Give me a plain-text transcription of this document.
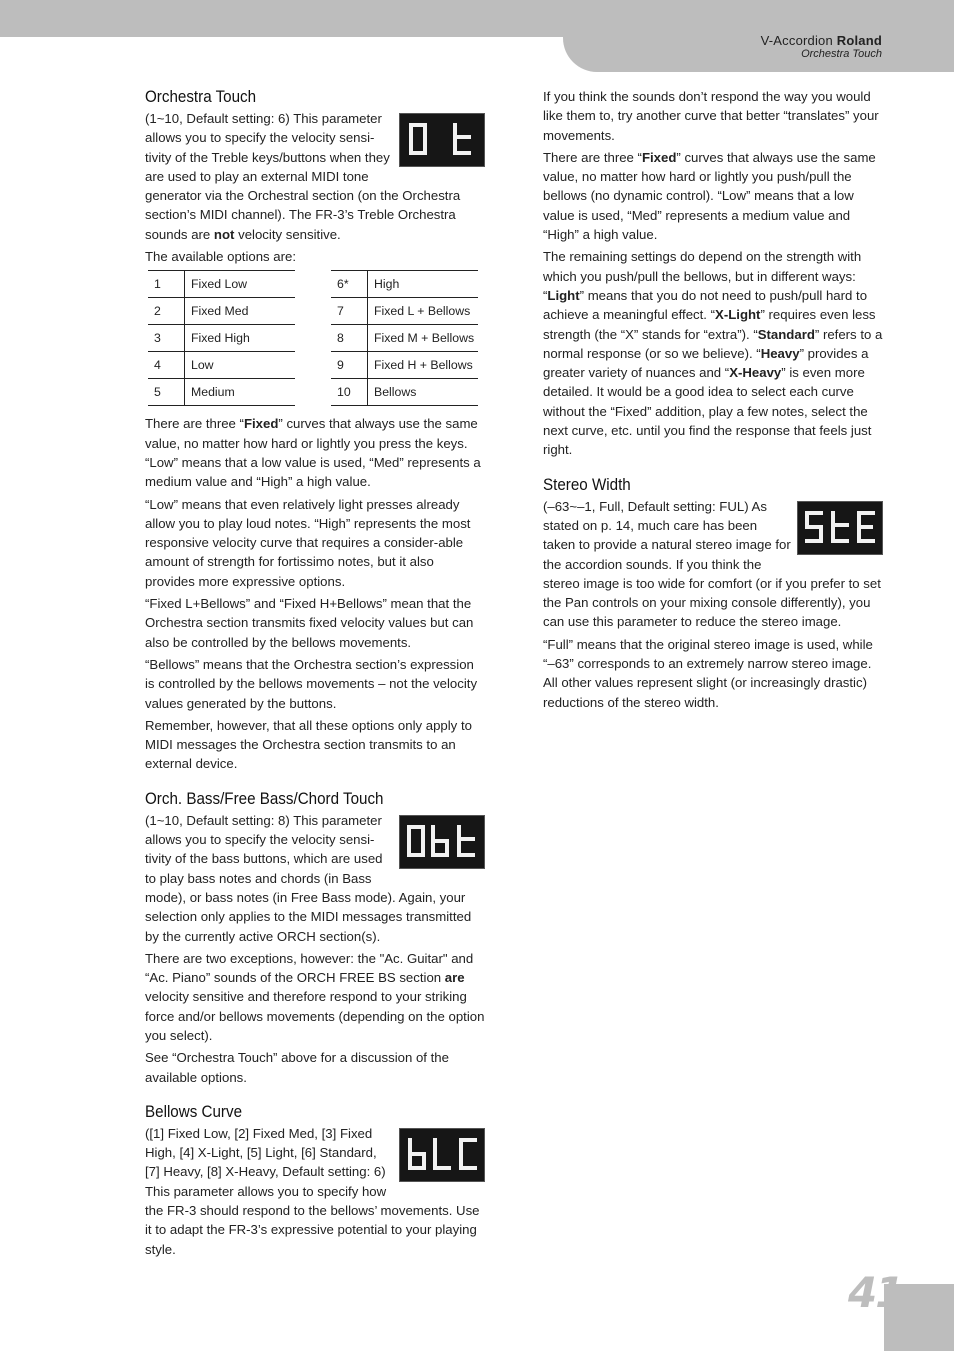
V-Accordion Roland
Orchestra Touch
Orchestra Touch

(1~10, Default setting: 6) This parameter allows you to specify the velocity sensi-tivity of the Treble keys/buttons when they are used to play an external MIDI tone generator via the Orchestral section (on the Orchestra section’s MIDI channel). The FR-3’s Treble Orchestra sounds are not velocity sensitive.

The available options are:

1	Fixed Low		6*	High
2	Fixed Med		7	Fixed L + Bellows
3	Fixed High		8	Fixed M + Bellows
4	Low		9	Fixed H + Bellows
5	Medium		10	Bellows

There are three “Fixed” curves that always use the same value, no matter how hard or lightly you press the keys. “Low” means that a low value is used, “Med” represents a medium value and “High” a high value.

“Low” means that even relatively light presses already allow you to play loud notes. “High” represents the most responsive velocity curve that requires a consider-able amount of strength for fortissimo notes, but it also provides more expressive options.

“Fixed L+Bellows” and “Fixed H+Bellows” mean that the Orchestra section transmits fixed velocity values but can also be controlled by the bellows movements.

“Bellows” means that the Orchestra section’s expression is controlled by the bellows movements – not the velocity values generated by the buttons.

Remember, however, that all these options only apply to MIDI messages the Orchestra section transmits to an external device.

Orch. Bass/Free Bass/Chord Touch

(1~10, Default setting: 8) This parameter allows you to specify the velocity sensi-tivity of the bass buttons, which are used to play bass notes and chords (in Bass mode), or bass notes (in Free Bass mode). Again, your selection only applies to the MIDI messages transmitted by the currently active ORCH section(s).

There are two exceptions, however: the "Ac. Guitar" and “Ac. Piano” sounds of the ORCH FREE BS section are velocity sensitive and therefore respond to your striking force and/or bellows movements (depending on the option you select).

See “Orchestra Touch” above for a discussion of the available options.

Bellows Curve

([1] Fixed Low, [2] Fixed Med, [3] Fixed High, [4] X-Light, [5] Light, [6] Standard, [7] Heavy, [8] X-Heavy, Default setting: 6) This parameter allows you to specify how the FR-3 should respond to the bellows’ movements. Use it to adapt the FR-3’s expressive potential to your playing style.

If you think the sounds don’t respond the way you would like them to, try another curve that better “translates” your movements.

There are three “Fixed” curves that always use the same value, no matter how hard or lightly you push/pull the bellows (no dynamic control). “Low” means that a low value is used, “Med” represents a medium value and “High” a high value.

The remaining settings do depend on the strength with which you push/pull the bellows, but in different ways: “Light” means that you do not need to push/pull hard to achieve a meaningful effect. “X-Light” requires even less strength (the “X” stands for “extra”). “Standard” refers to a normal response (or so we believe). “Heavy” provides a greater variety of nuances and “X-Heavy” is even more detailed. It would be a good idea to select each curve without the “Fixed” addition, play a few notes, select the next curve, etc. until you find the response that feels just right.

Stereo Width

(–63~–1, Full, Default setting: FUL) As stated on p. 14, much care has been taken to provide a natural stereo image for the accordion sounds. If you think the stereo image is too wide for comfort (or if you prefer to set the Pan controls on your mixing console differently), you can use this parameter to reduce the stereo image.

“Full” means that the original stereo image is used, while “–63” corresponds to an extremely narrow stereo image. All other values represent slight (or increasingly drastic) reductions of the stereo width.

41
